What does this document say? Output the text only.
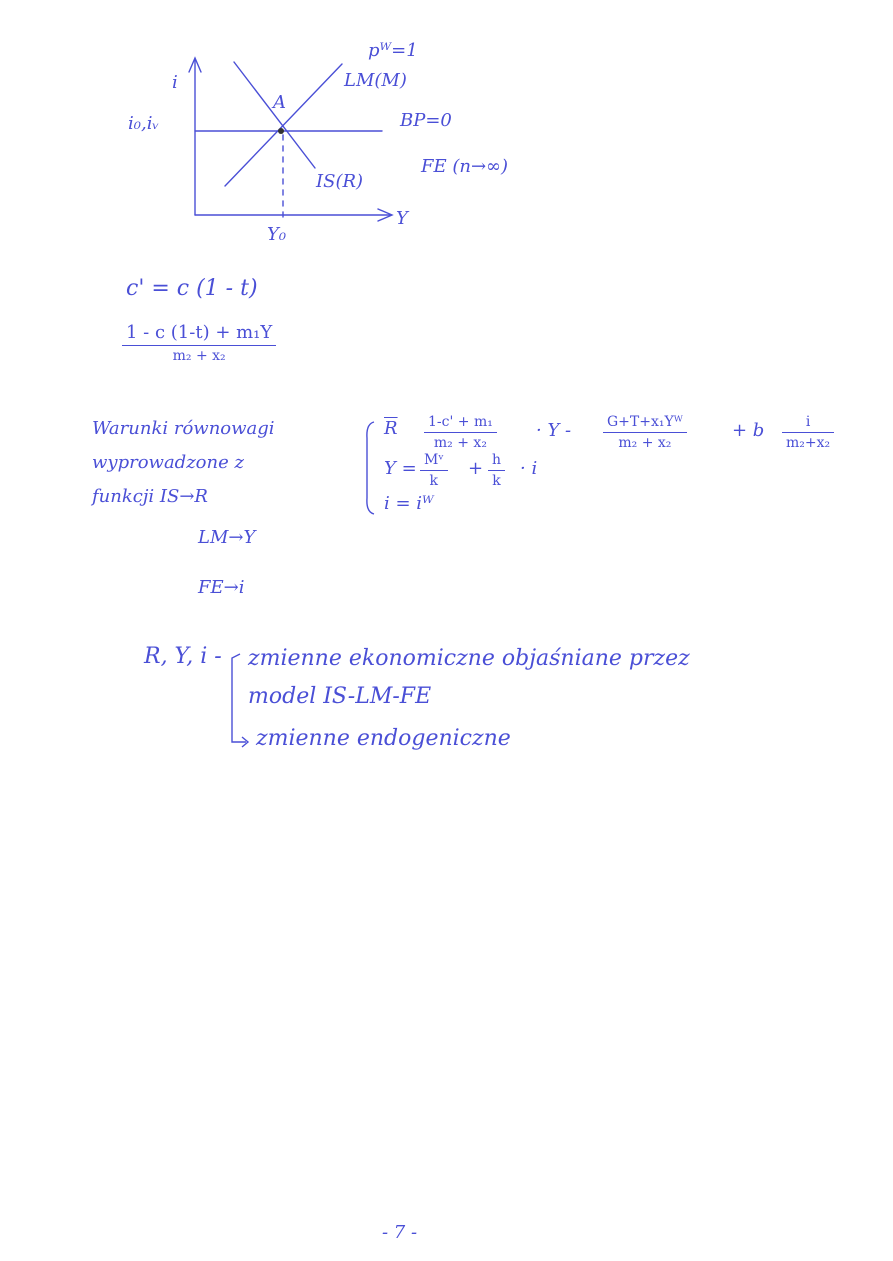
i
Y
i₀,iᵥ
Y₀
A
pᵂ=1
LM(M)
BP=0
FE (n→∞)
IS(R)
c' = c (1 - t)
1 - c (1-t) + m₁Y
m₂ + x₂
Warunki równowagi
wyprowadzone z
funkcji IS→R
LM→Y
FE→i
$\overline{R} \frac{\text{1-c' + m₁}}{\text{m₂ + x₂}} \cdot Y - \frac{\text{G+T+x₁Yᵂ}}{\text{m₂ + x₂}}$	+ b $\frac{i}{\text{m₂+x₂}}$
$Y = \frac{\text{Mᵛ}}{k} + \frac{h}{k} \cdot i$
i = iᵂ
R, Y, i - zmienne ekonomiczne objaśniane przez
model IS-LM-FE
zmienne endogeniczne
- 7 -
